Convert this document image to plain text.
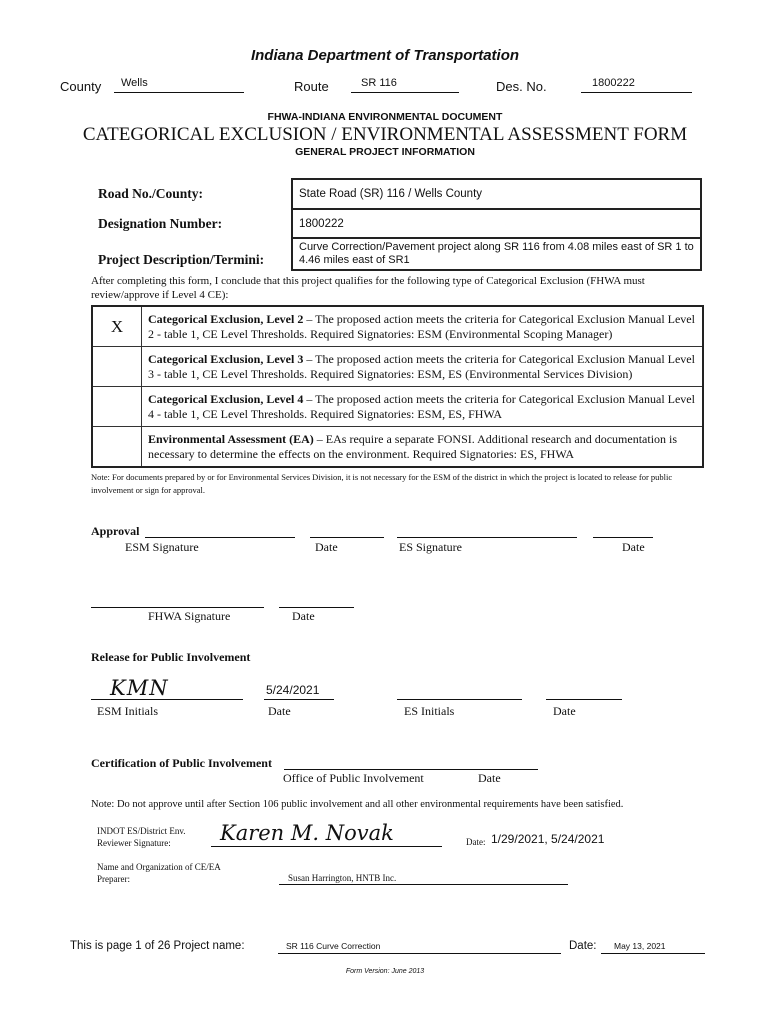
Indiana Department of Transportation
County Wells	Route	SR 116	Des. No.	1800222
FHWA-INDIANA ENVIRONMENTAL DOCUMENT
CATEGORICAL EXCLUSION / ENVIRONMENTAL ASSESSMENT FORM
GENERAL PROJECT INFORMATION
Road No./County:	State Road (SR) 116 / Wells County
Designation Number:	1800222
Project Description/Termini:	Curve Correction/Pavement project along SR 116 from 4.08 miles east of SR 1 to 4.46 miles east of SR1
After completing this form, I conclude that this project qualifies for the following type of Categorical Exclusion (FHWA must review/approve if Level 4 CE):
X	Categorical Exclusion, Level 2 – The proposed action meets the criteria for Categorical Exclusion Manual Level 2 - table 1, CE Level Thresholds. Required Signatories: ESM (Environmental Scoping Manager)
	Categorical Exclusion, Level 3 – The proposed action meets the criteria for Categorical Exclusion Manual Level 3 - table 1, CE Level Thresholds. Required Signatories: ESM, ES (Environmental Services Division)
	Categorical Exclusion, Level 4 – The proposed action meets the criteria for Categorical Exclusion Manual Level 4 - table 1, CE Level Thresholds. Required Signatories: ESM, ES, FHWA
	Environmental Assessment (EA) – EAs require a separate FONSI. Additional research and documentation is necessary to determine the effects on the environment. Required Signatories: ES, FHWA
Note: For documents prepared by or for Environmental Services Division, it is not necessary for the ESM of the district in which the project is located to release for public involvement or sign for approval.
Approval
ESM Signature	Date	ES Signature	Date
FHWA Signature	Date
Release for Public Involvement
KMN	5/24/2021
ESM Initials	Date	ES Initials	Date
Certification of Public Involvement
Office of Public Involvement	Date
Note: Do not approve until after Section 106 public involvement and all other environmental requirements have been satisfied.
INDOT ES/District Env.
Reviewer Signature:	Karen M. Novak	Date: 1/29/2021, 5/24/2021
Name and Organization of CE/EA
Preparer:	Susan Harrington, HNTB Inc.
This is page 1 of 26 Project name:	SR 116 Curve Correction	Date: May 13, 2021
Form Version: June 2013
